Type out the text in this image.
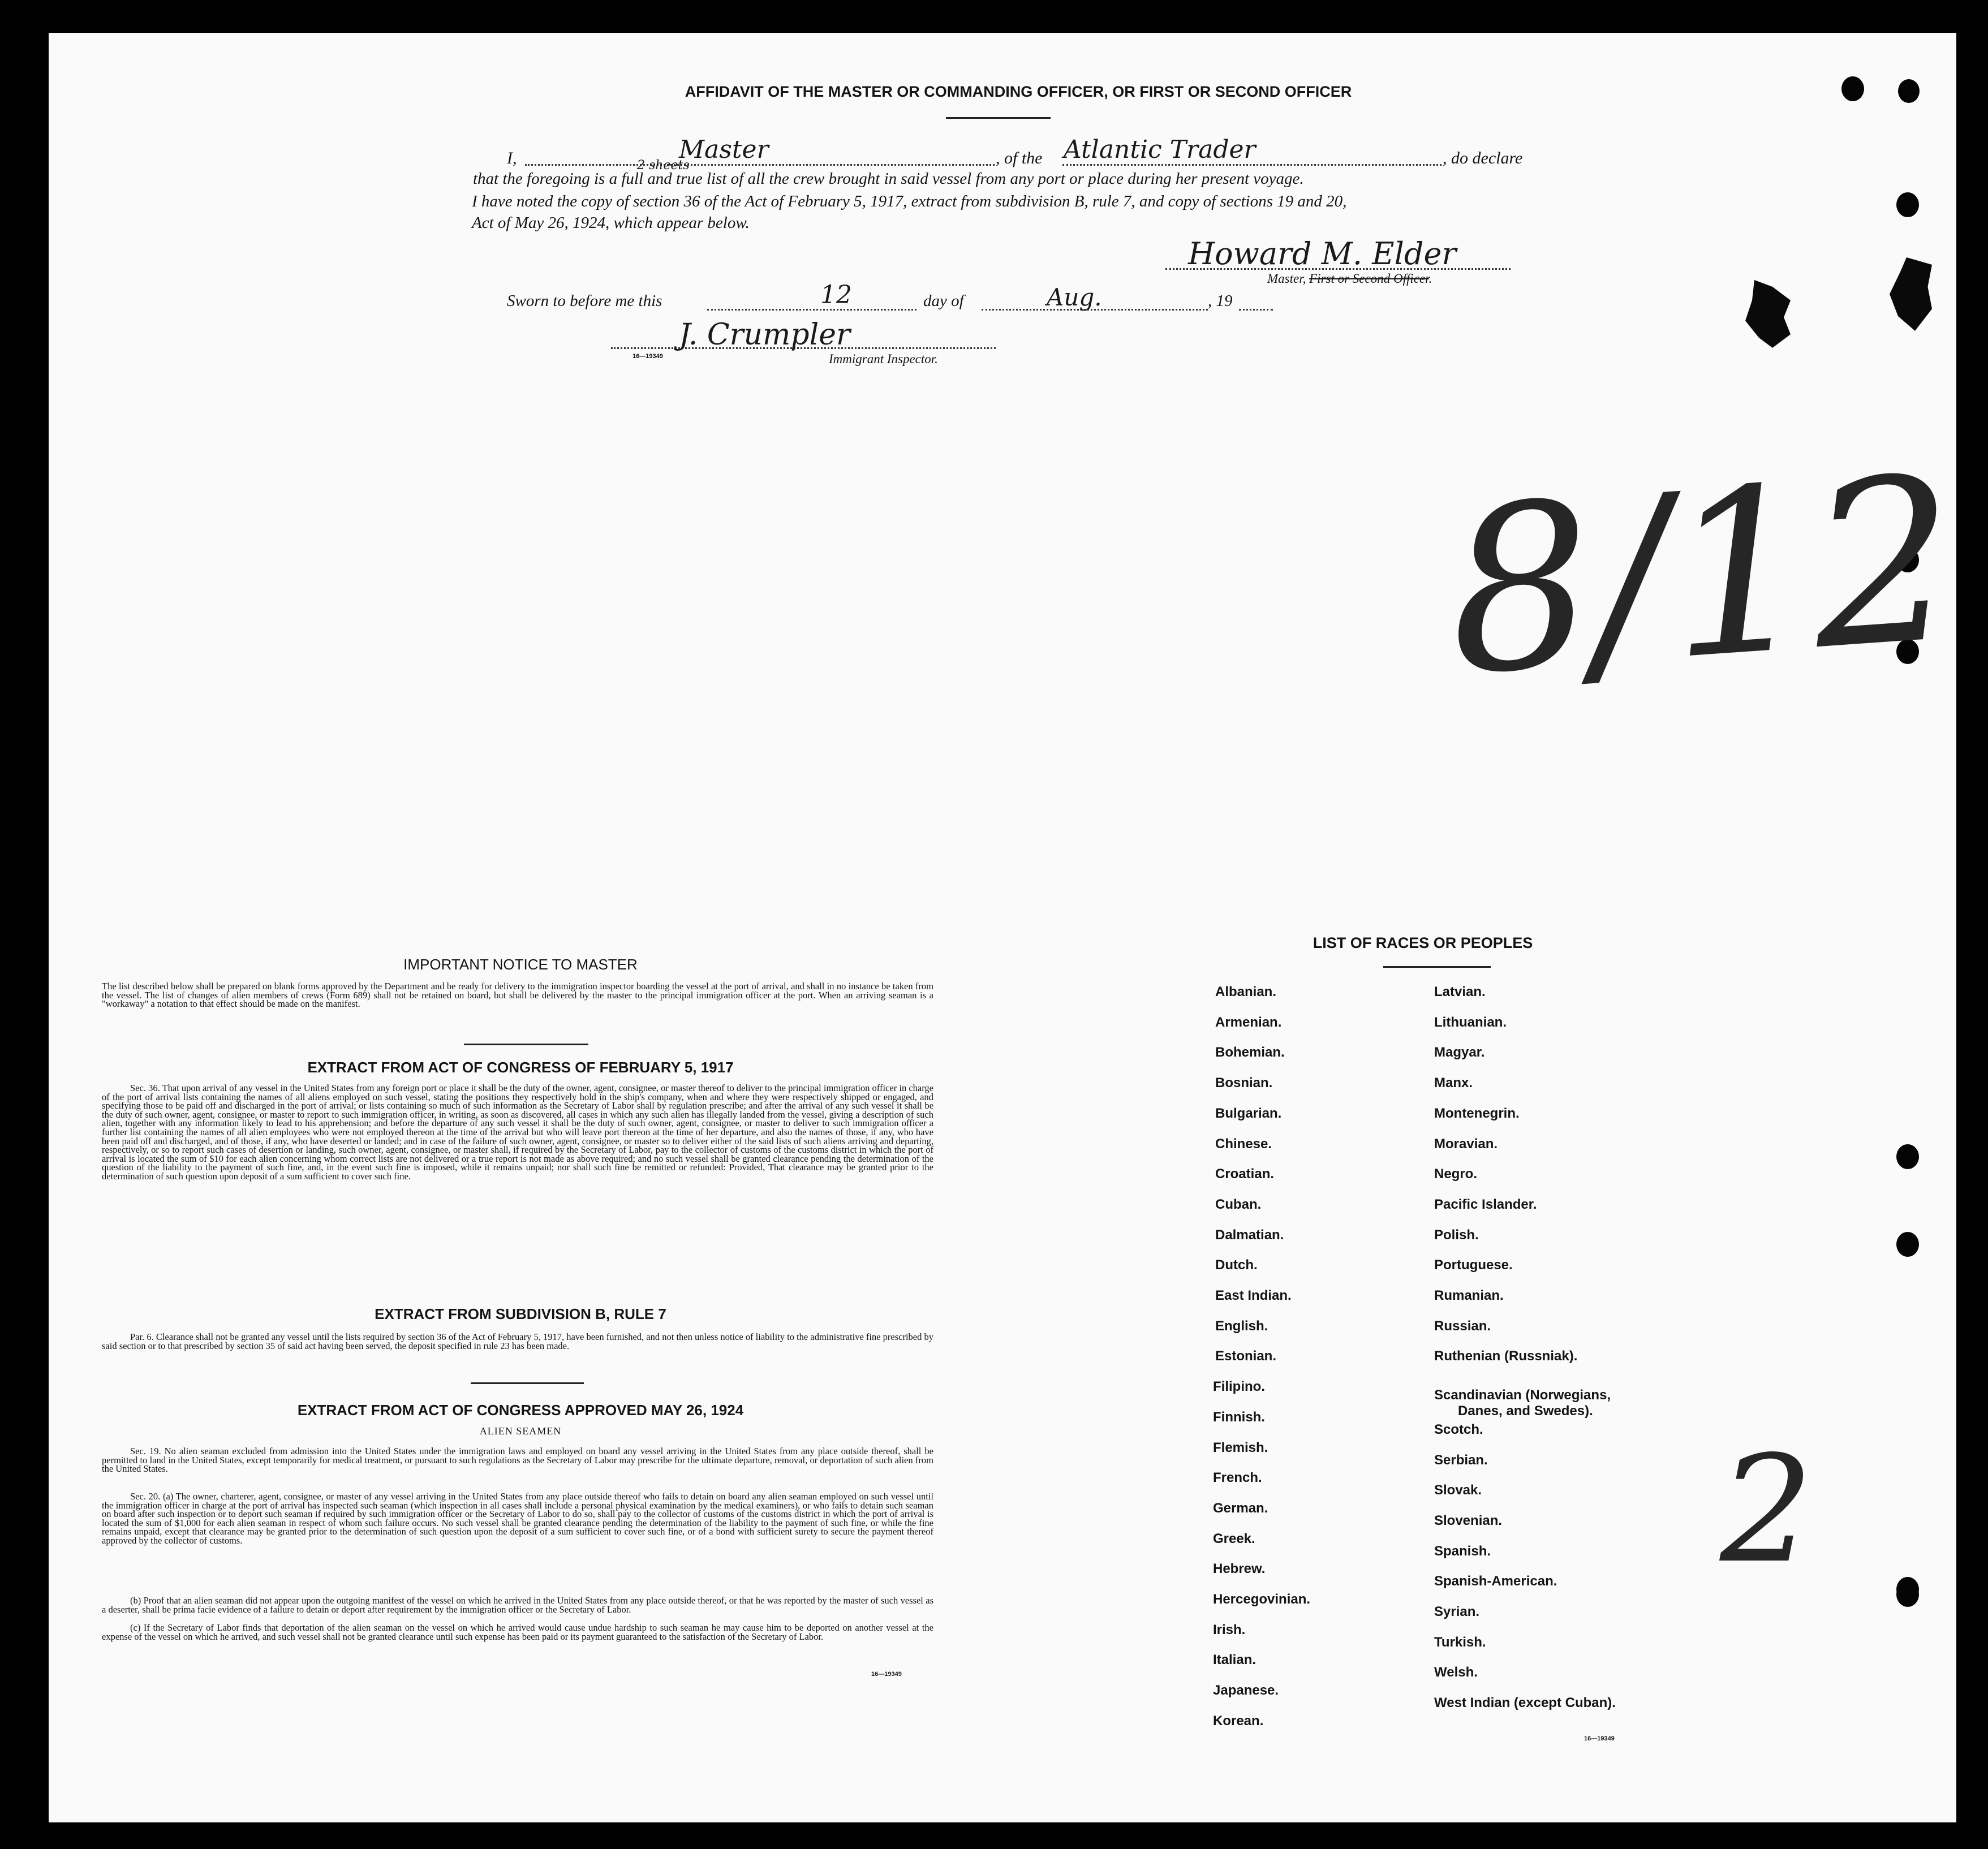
AFFIDAVIT OF THE MASTER OR COMMANDING OFFICER, OR FIRST OR SECOND OFFICER
I,	Master	, of the Atlantic Trader	, do declare
that the foregoing is a full and true list of all the crew brought in said vessel from any port or place during her present voyage.
2 sheets
I have noted the copy of section 36 of the Act of February 5, 1917, extract from subdivision B, rule 7, and copy of sections 19 and 20,
Act of May 26, 1924, which appear below.
Howard M. Elder
Master, First or Second Officer.
Sworn to before me this	12	day of	Aug.	, 19
J. Crumpler
16—19349	Immigrant Inspector.
8/12
2
IMPORTANT NOTICE TO MASTER
The list described below shall be prepared on blank forms approved by the Department and be ready for delivery to the immigration inspector boarding the vessel at the port of arrival, and shall in no instance be taken from the vessel. The list of changes of alien members of crews (Form 689) shall not be retained on board, but shall be delivered by the master to the principal immigration officer at the port. When an arriving seaman is a "workaway" a notation to that effect should be made on the manifest.
EXTRACT FROM ACT OF CONGRESS OF FEBRUARY 5, 1917
Sec. 36. That upon arrival of any vessel in the United States from any foreign port or place it shall be the duty of the owner, agent, consignee, or master thereof to deliver to the principal immigration officer in charge of the port of arrival lists containing the names of all aliens employed on such vessel, stating the positions they respectively hold in the ship's company, when and where they were respectively shipped or engaged, and specifying those to be paid off and discharged in the port of arrival; or lists containing so much of such information as the Secretary of Labor shall by regulation prescribe; and after the arrival of any such vessel it shall be the duty of such owner, agent, consignee, or master to report to such immigration officer, in writing, as soon as discovered, all cases in which any such alien has illegally landed from the vessel, giving a description of such alien, together with any information likely to lead to his apprehension; and before the departure of any such vessel it shall be the duty of such owner, agent, consignee, or master to deliver to such immigration officer a further list containing the names of all alien employees who were not employed thereon at the time of the arrival but who will leave port thereon at the time of her departure, and also the names of those, if any, who have been paid off and discharged, and of those, if any, who have deserted or landed; and in case of the failure of such owner, agent, consignee, or master so to deliver either of the said lists of such aliens arriving and departing, respectively, or so to report such cases of desertion or landing, such owner, agent, consignee, or master shall, if required by the Secretary of Labor, pay to the collector of customs of the customs district in which the port of arrival is located the sum of $10 for each alien concerning whom correct lists are not delivered or a true report is not made as above required; and no such vessel shall be granted clearance pending the determination of the question of the liability to the payment of such fine, and, in the event such fine is imposed, while it remains unpaid; nor shall such fine be remitted or refunded: Provided, That clearance may be granted prior to the determination of such question upon deposit of a sum sufficient to cover such fine.
EXTRACT FROM SUBDIVISION B, RULE 7
Par. 6. Clearance shall not be granted any vessel until the lists required by section 36 of the Act of February 5, 1917, have been furnished, and not then unless notice of liability to the administrative fine prescribed by said section or to that prescribed by section 35 of said act having been served, the deposit specified in rule 23 has been made.
EXTRACT FROM ACT OF CONGRESS APPROVED MAY 26, 1924
ALIEN SEAMEN
Sec. 19. No alien seaman excluded from admission into the United States under the immigration laws and employed on board any vessel arriving in the United States from any place outside thereof, shall be permitted to land in the United States, except temporarily for medical treatment, or pursuant to such regulations as the Secretary of Labor may prescribe for the ultimate departure, removal, or deportation of such alien from the United States.
Sec. 20. (a) The owner, charterer, agent, consignee, or master of any vessel arriving in the United States from any place outside thereof who fails to detain on board any alien seaman employed on such vessel until the immigration officer in charge at the port of arrival has inspected such seaman (which inspection in all cases shall include a personal physical examination by the medical examiners), or who fails to detain such seaman on board after such inspection or to deport such seaman if required by such immigration officer or the Secretary of Labor to do so, shall pay to the collector of customs of the customs district in which the port of arrival is located the sum of $1,000 for each alien seaman in respect of whom such failure occurs. No such vessel shall be granted clearance pending the determination of the liability to the payment of such fine, or while the fine remains unpaid, except that clearance may be granted prior to the determination of such question upon the deposit of a sum sufficient to cover such fine, or of a bond with sufficient surety to secure the payment thereof approved by the collector of customs.
(b) Proof that an alien seaman did not appear upon the outgoing manifest of the vessel on which he arrived in the United States from any place outside thereof, or that he was reported by the master of such vessel as a deserter, shall be prima facie evidence of a failure to detain or deport after requirement by the immigration officer or the Secretary of Labor.
(c) If the Secretary of Labor finds that deportation of the alien seaman on the vessel on which he arrived would cause undue hardship to such seaman he may cause him to be deported on another vessel at the expense of the vessel on which he arrived, and such vessel shall not be granted clearance until such expense has been paid or its payment guaranteed to the satisfaction of the Secretary of Labor.
16—19349
LIST OF RACES OR PEOPLES
Albanian.
Armenian.
Bohemian.
Bosnian.
Bulgarian.
Chinese.
Croatian.
Cuban.
Dalmatian.
Dutch.
East Indian.
English.
Estonian.
Filipino.
Finnish.
Flemish.
French.
German.
Greek.
Hebrew.
Hercegovinian.
Irish.
Italian.
Japanese.
Korean.
Latvian.
Lithuanian.
Magyar.
Manx.
Montenegrin.
Moravian.
Negro.
Pacific Islander.
Polish.
Portuguese.
Rumanian.
Russian.
Ruthenian (Russniak).
Scandinavian (Norwegians,
Danes, and Swedes).
Scotch.
Serbian.
Slovak.
Slovenian.
Spanish.
Spanish-American.
Syrian.
Turkish.
Welsh.
West Indian (except Cuban).
16—19349
